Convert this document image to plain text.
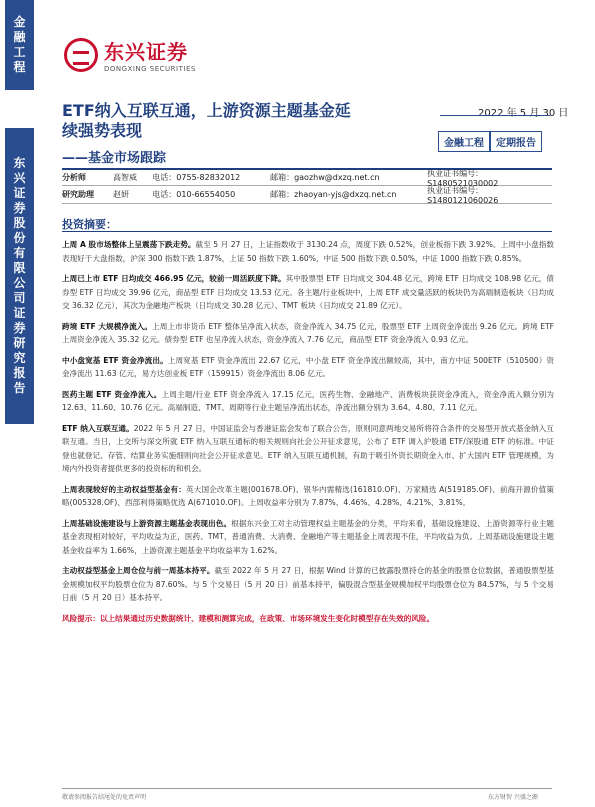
金
融
工
程
东
兴
证
券
股
份
有
限
公
司
证
券
研
究
报
告
东兴证券
DONGXING SECURITIES
ETF纳入互联互通，上游资源主题基金延续强势表现
——基金市场跟踪
2022 年 5 月 30 日
金融工程	定期报告
分析师	高智威	电话：0755-82832012	邮箱：gaozhw@dxzq.net.cn	执业证书编号：S1480521030002
研究助理	赵妍	电话：010-66554050	邮箱：zhaoyan-yjs@dxzq.net.cn	执业证书编号：S1480121060026
投资摘要：

上周 A 股市场整体上呈震荡下跌走势。截至 5 月 27 日，上证指数收于 3130.24 点，周度下跌 0.52%，创业板指下跌 3.92%。上周中小盘指数表现好于大盘指数，沪深 300 指数下跌 1.87%，上证 50 指数下跌 1.60%，中证 500 指数下跌 0.50%，中证 1000 指数下跌 0.85%。

上周已上市 ETF 日均成交 466.95 亿元，较前一周活跃度下降。其中股票型 ETF 日均成交 304.48 亿元，跨境 ETF 日均成交 108.98 亿元，债券型 ETF 日均成交 39.96 亿元，商品型 ETF 日均成交 13.53 亿元。各主题/行业板块中，上周 ETF 成交量活跃的板块仍为高端制造板块（日均成交 36.32 亿元），其次为金融地产板块（日均成交 30.28 亿元）、TMT 板块（日均成交 21.89 亿元）。

跨境 ETF 大规模净流入。上周上市非货币 ETF 整体呈净流入状态，资金净流入 34.75 亿元，股票型 ETF 上周资金净流出 9.26 亿元。跨境 ETF 上周资金净流入 35.32 亿元。债券型 ETF 也呈净流入状态，资金净流入 7.76 亿元，商品型 ETF 资金净流入 0.93 亿元。

中小盘宽基 ETF 资金净流出。上周宽基 ETF 资金净流出 22.67 亿元，中小盘 ETF 资金净流出额较高，其中，南方中证 500ETF（510500）资金净流出 11.63 亿元，易方达创业板 ETF（159915）资金净流出 8.06 亿元。

医药主题 ETF 资金净流入。上周主题/行业 ETF 资金净流入 17.15 亿元，医药生物、金融地产、消费板块获资金净流入，资金净流入额分别为 12.63、11.60、10.76 亿元。高端制造、TMT、周期等行业主题呈净流出状态，净流出额分别为 3.64、4.80、7.11 亿元。

ETF 纳入互联互通。2022 年 5 月 27 日，中国证监会与香港证监会发布了联合公告，原则同意两地交易所将符合条件的交易型开放式基金纳入互联互通。当日，上交所与深交所就 ETF 纳入互联互通标的相关规则向社会公开征求意见，公布了 ETF 调入沪股通 ETF/深股通 ETF 的标准。中证登也就登记、存管、结算业务实施细则向社会公开征求意见。ETF 纳入互联互通机制，有助于吸引外资长期资金入市、扩大国内 ETF 管理规模，为境内外投资者提供更多的投资标的和机会。

上周表现较好的主动权益型基金有：英大国企改革主题(001678.OF)、银华内需精选(161810.OF)、万家精选 A(519185.OF)、前海开源价值策略(005328.OF)、西部利得策略优选 A(671010.OF)。上周收益率分别为 7.87%、4.46%、4.28%、4.21%、3.81%。

上周基础设施建设与上游资源主题基金表现出色。根据东兴金工对主动管理权益主题基金的分类，平均来看，基础设施建设、上游资源等行业主题基金表现相对较好，平均收益为正，医药、TMT、普通消费、大消费、金融地产等主题基金上周表现不佳，平均收益为负。上周基础设施建设主题基金收益率为 1.66%，上游资源主题基金平均收益率为 1.62%。

主动权益型基金上周仓位与前一周基本持平。截至 2022 年 5 月 27 日，根据 Wind 计算的已披露股票持仓的基金的股票仓位数据，普通股票型基金规模加权平均股票仓位为 87.60%。与 5 个交易日（5 月 20 日）前基本持平，偏股混合型基金规模加权平均股票仓位为 84.57%，与 5 个交易日前（5 月 20 日）基本持平。

风险提示：以上结果通过历史数据统计、建模和测算完成，在政策、市场环境发生变化时模型存在失效的风险。

敬请参阅报告结尾处的免责声明	东方财智 兴盛之源
